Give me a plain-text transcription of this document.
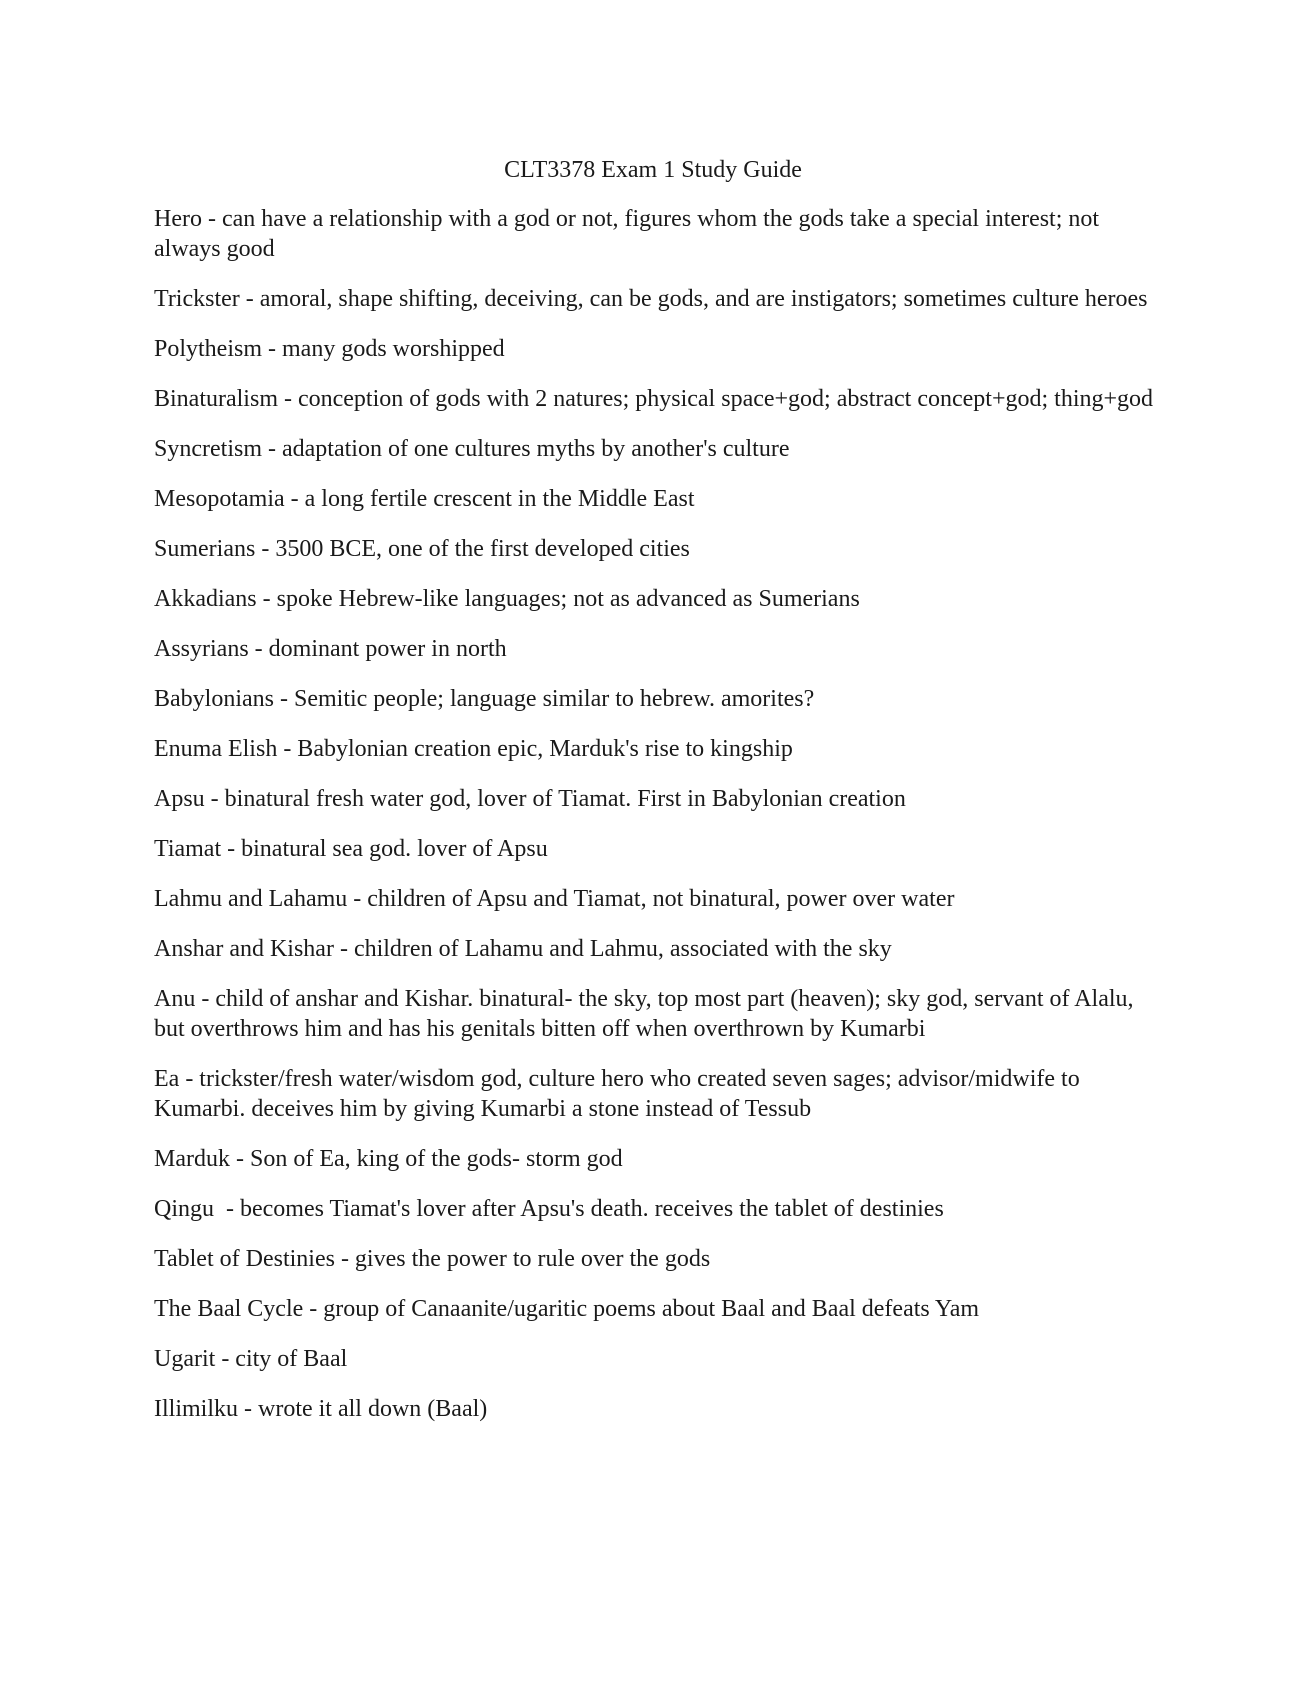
CLT3378 Exam 1 Study Guide
Hero - can have a relationship with a god or not, figures whom the gods take a special interest; not always good
Trickster - amoral, shape shifting, deceiving, can be gods, and are instigators; sometimes culture heroes
Polytheism - many gods worshipped
Binaturalism - conception of gods with 2 natures; physical space+god; abstract concept+god; thing+god
Syncretism - adaptation of one cultures myths by another's culture
Mesopotamia - a long fertile crescent in the Middle East
Sumerians - 3500 BCE, one of the first developed cities
Akkadians - spoke Hebrew-like languages; not as advanced as Sumerians
Assyrians - dominant power in north
Babylonians - Semitic people; language similar to hebrew. amorites?
Enuma Elish - Babylonian creation epic, Marduk's rise to kingship
Apsu - binatural fresh water god, lover of Tiamat. First in Babylonian creation
Tiamat - binatural sea god. lover of Apsu
Lahmu and Lahamu - children of Apsu and Tiamat, not binatural, power over water
Anshar and Kishar - children of Lahamu and Lahmu, associated with the sky
Anu - child of anshar and Kishar. binatural- the sky, top most part (heaven); sky god, servant of Alalu, but overthrows him and has his genitals bitten off when overthrown by Kumarbi
Ea - trickster/fresh water/wisdom god, culture hero who created seven sages; advisor/midwife to Kumarbi. deceives him by giving Kumarbi a stone instead of Tessub
Marduk - Son of Ea, king of the gods- storm god
Qingu  - becomes Tiamat's lover after Apsu's death. receives the tablet of destinies
Tablet of Destinies - gives the power to rule over the gods
The Baal Cycle - group of Canaanite/ugaritic poems about Baal and Baal defeats Yam
Ugarit - city of Baal
Illimilku - wrote it all down (Baal)
